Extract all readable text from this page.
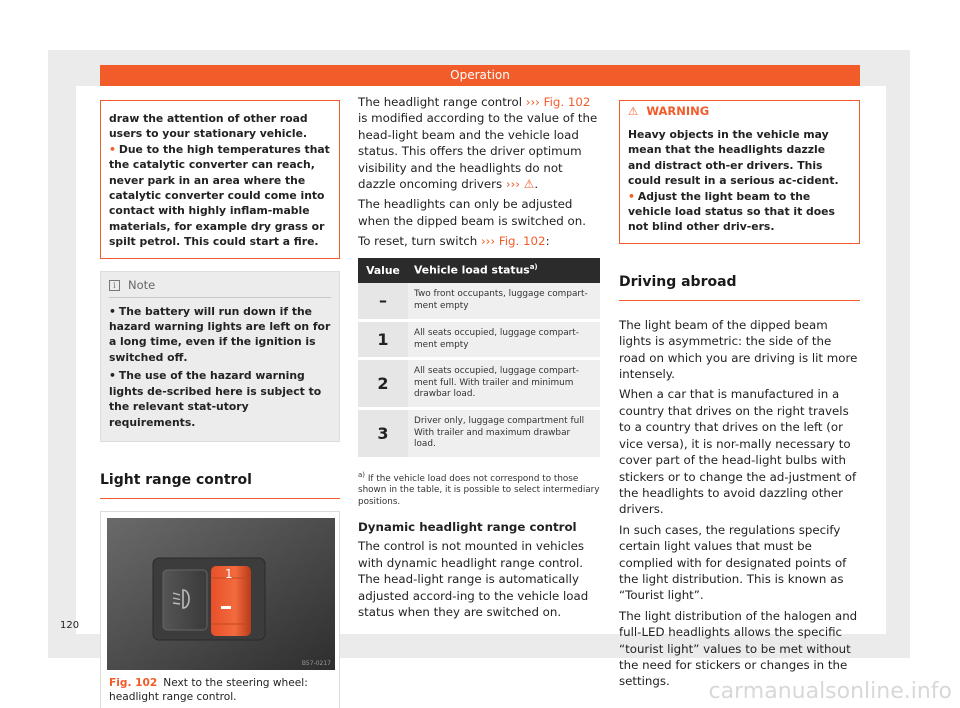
Operation

draw the attention of other road users to your stationary vehicle.

• Due to the high temperatures that the catalytic converter can reach, never park in an area where the catalytic converter could come into contact with highly inflam-mable materials, for example dry grass or spilt petrol. This could start a fire.

i Note

• The battery will run down if the hazard warning lights are left on for a long time, even if the ignition is switched off.

• The use of the hazard warning lights de-scribed here is subject to the relevant stat-utory requirements.

Light range control
1
B57-0217
Fig. 102 Next to the steering wheel: headlight range control.

The headlight range control ››› Fig. 102 is modified according to the value of the head-light beam and the vehicle load status. This offers the driver optimum visibility and the headlights do not dazzle oncoming drivers ››› ⚠.

The headlights can only be adjusted when the dipped beam is switched on.

To reset, turn switch ››› Fig. 102:

Value	Vehicle load status$^{a)}$
–	Two front occupants, luggage compart-ment empty
1	All seats occupied, luggage compart-ment empty
2	All seats occupied, luggage compart-ment full. With trailer and minimum drawbar load.
3	Driver only, luggage compartment full With trailer and maximum drawbar load.

$^{a)}$ If the vehicle load does not correspond to those shown in the table, it is possible to select intermediary positions.

Dynamic headlight range control

The control is not mounted in vehicles with dynamic headlight range control. The head-light range is automatically adjusted accord-ing to the vehicle load status when they are switched on.

⚠ WARNING

Heavy objects in the vehicle may mean that the headlights dazzle and distract oth-er drivers. This could result in a serious ac-cident.

• Adjust the light beam to the vehicle load status so that it does not blind other driv-ers.

Driving abroad

The light beam of the dipped beam lights is asymmetric: the side of the road on which you are driving is lit more intensely.

When a car that is manufactured in a country that drives on the right travels to a country that drives on the left (or vice versa), it is nor-mally necessary to cover part of the head-light bulbs with stickers or to change the ad-justment of the headlights to avoid dazzling other drivers.

In such cases, the regulations specify certain light values that must be complied with for designated points of the light distribution. This is known as “Tourist light”.

The light distribution of the halogen and full-LED headlights allows the specific “tourist light” values to be met without the need for stickers or changes in the settings.

120
carmanualsonline.info
